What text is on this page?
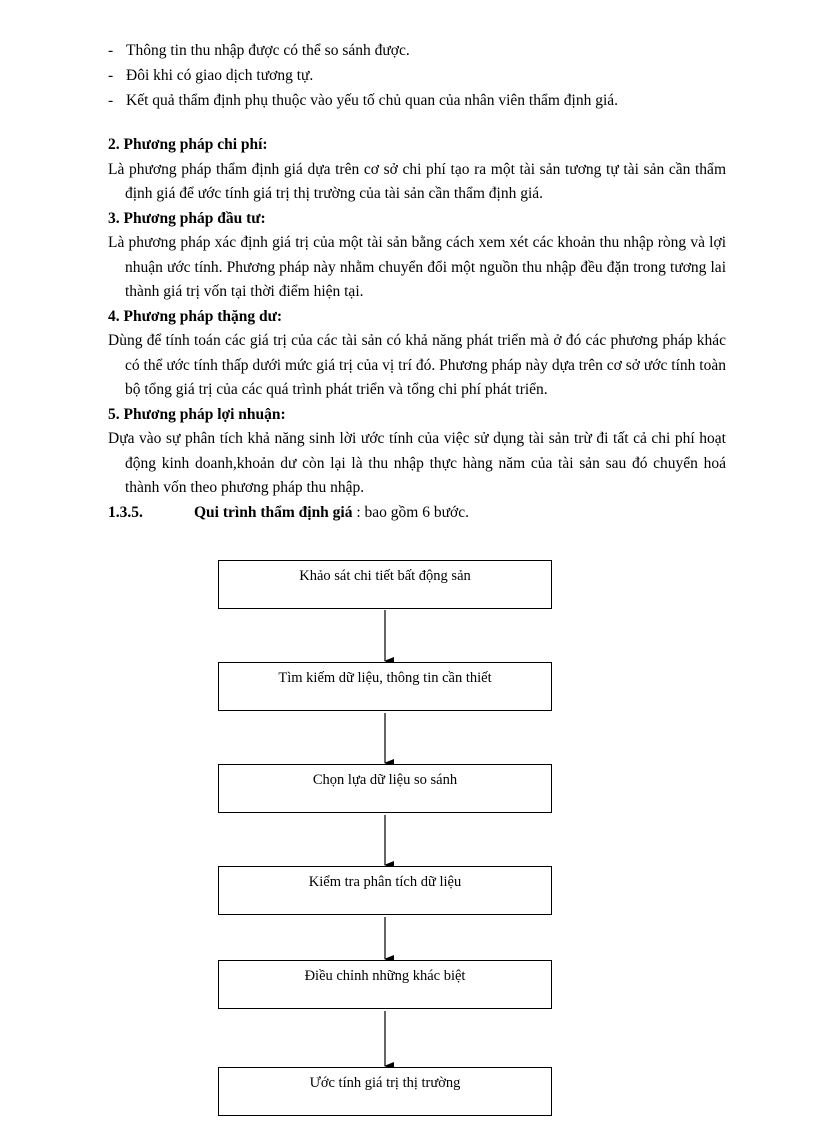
- Thông tin thu nhập được có thể so sánh được.
- Đôi khi có giao dịch tương tự.
- Kết quả thẩm định phụ thuộc vào yếu tố chủ quan của nhân viên thẩm định giá.
2. Phương pháp chi phí:
Là phương pháp thẩm định giá dựa trên cơ sở chi phí tạo ra một tài sản tương tự tài sản cần thẩm định giá để ước tính giá trị thị trường của tài sản cần thẩm định giá.
3. Phương pháp đầu tư:
Là phương pháp xác định giá trị của một tài sản bằng cách xem xét các khoản thu nhập ròng và lợi nhuận ước tính. Phương pháp này nhằm chuyển đổi một nguồn thu nhập đều đặn trong tương lai thành giá trị vốn tại thời điểm hiện tại.
4. Phương pháp thặng dư:
Dùng để tính toán các giá trị của các tài sản có khả năng phát triển mà ở đó các phương pháp khác có thể ước tính thấp dưới mức giá trị của vị trí đó. Phương pháp này dựa trên cơ sở ước tính toàn bộ tổng giá trị của các quá trình phát triển và tổng chi phí phát triển.
5. Phương pháp lợi nhuận:
Dựa vào sự phân tích khả năng sinh lời ước tính của việc sử dụng tài sản trừ đi tất cả chi phí hoạt động kinh doanh,khoản dư còn lại là thu nhập thực hàng năm của tài sản sau đó chuyển hoá thành vốn theo phương pháp thu nhập.
1.3.5.	Qui trình thẩm định giá : bao gồm 6 bước.
Khảo sát chi tiết bất động sản
Tìm kiếm dữ liệu, thông tin cần thiết
Chọn lựa dữ liệu so sánh
Kiểm tra phân tích dữ liệu
Điều chỉnh những khác biệt
Ước tính giá trị thị trường
